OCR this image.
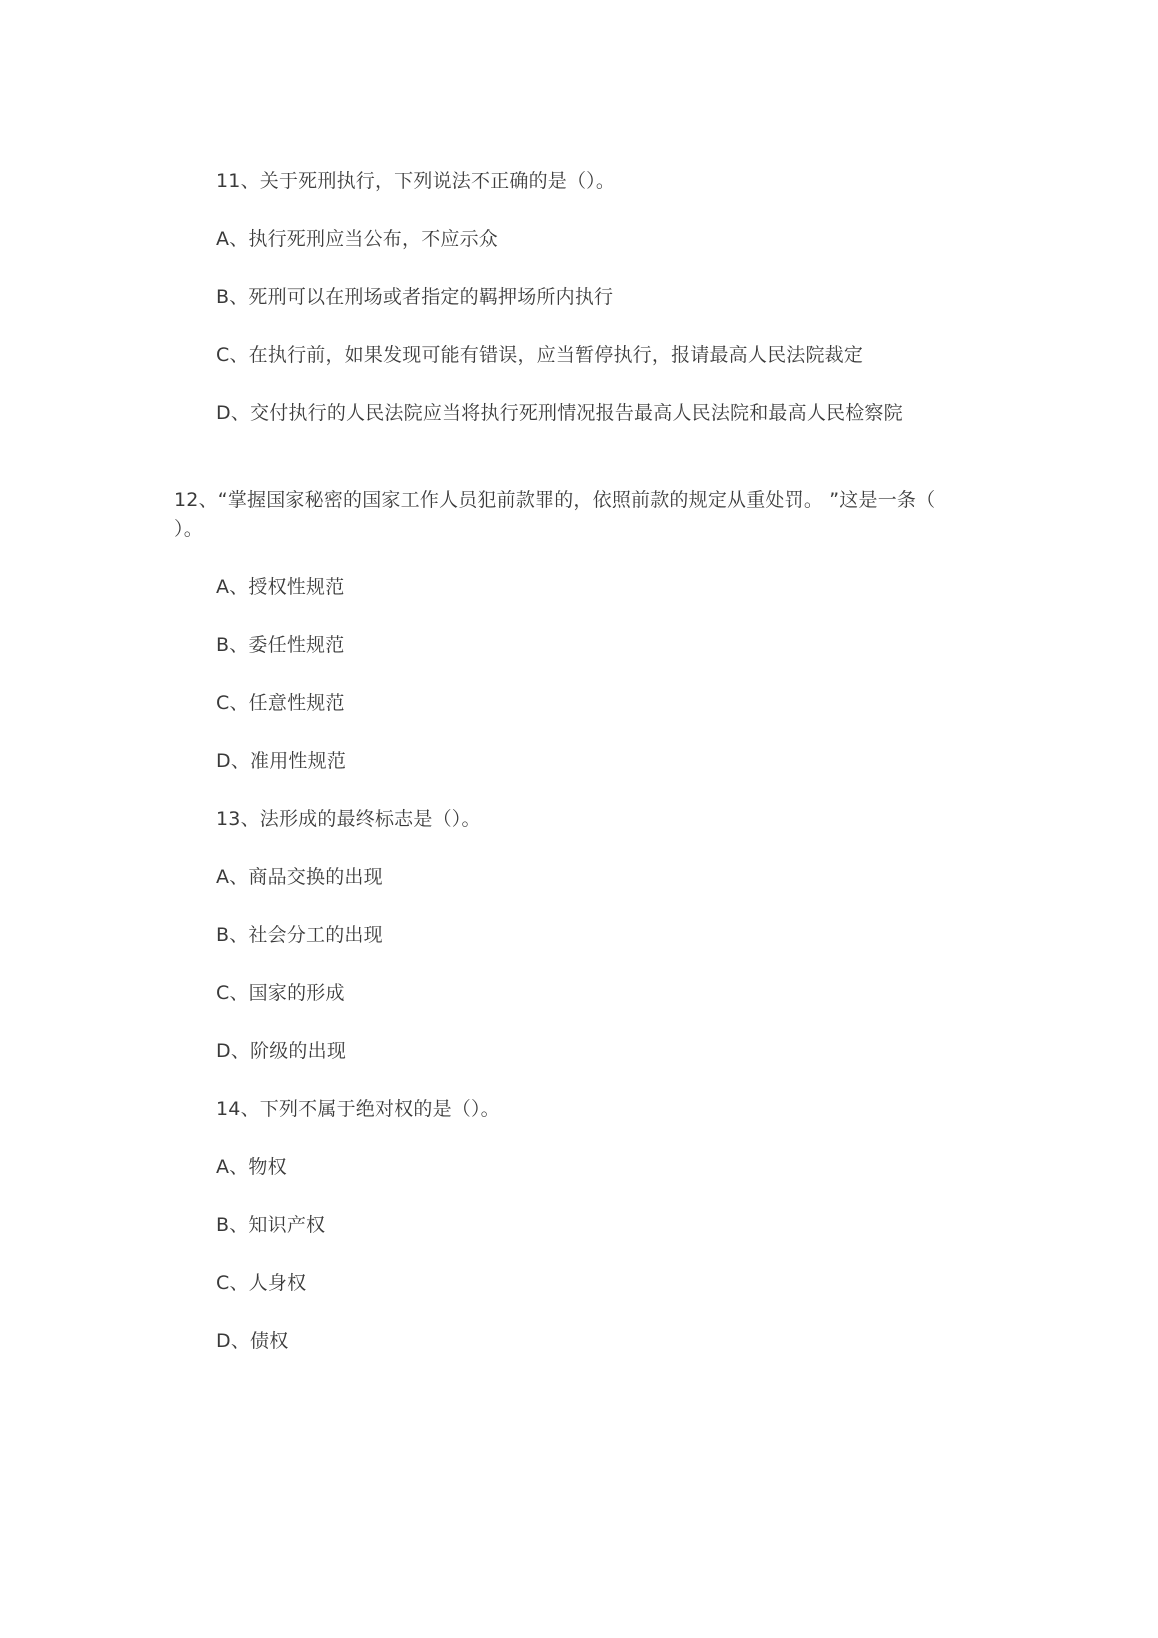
11、关于死刑执行，下列说法不正确的是（）。
A、执行死刑应当公布，不应示众
B、死刑可以在刑场或者指定的羁押场所内执行
C、在执行前，如果发现可能有错误，应当暂停执行，报请最高人民法院裁定
D、交付执行的人民法院应当将执行死刑情况报告最高人民法院和最高人民检察院
12、“掌握国家秘密的国家工作人员犯前款罪的，依照前款的规定从重处罚。 ”这是一条（
）。
A、授权性规范
B、委任性规范
C、任意性规范
D、准用性规范
13、法形成的最终标志是（）。
A、商品交换的出现
B、社会分工的出现
C、国家的形成
D、阶级的出现
14、下列不属于绝对权的是（）。
A、物权
B、知识产权
C、人身权
D、债权
